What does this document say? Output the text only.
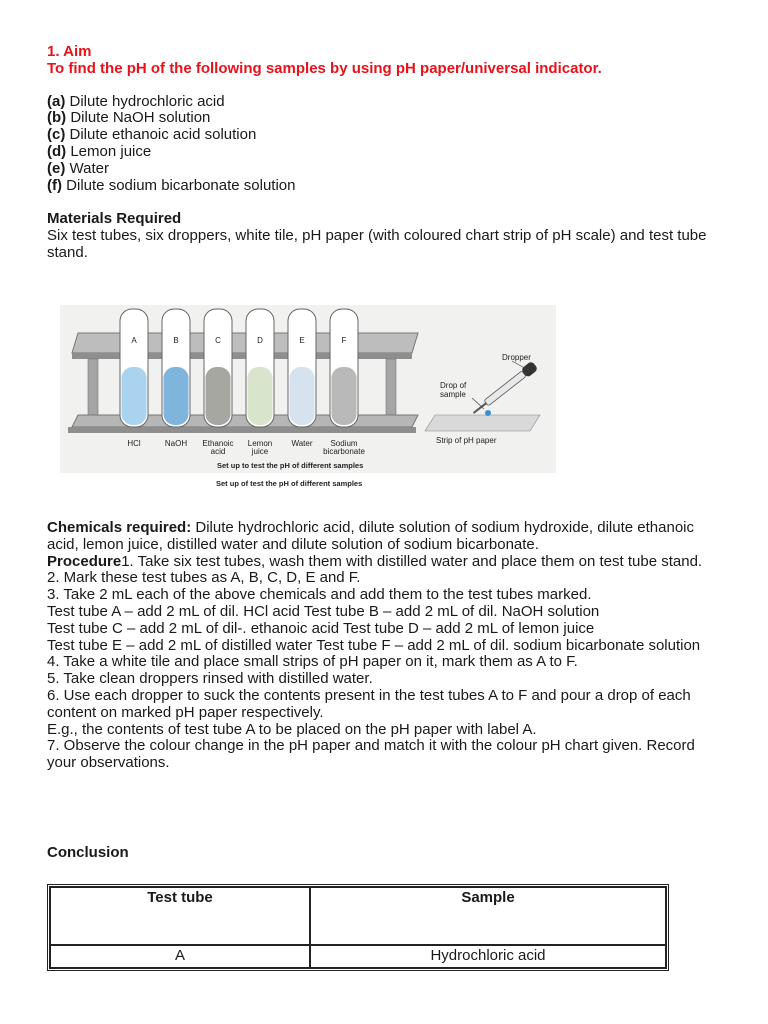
1. Aim
To find the pH of the following samples by using pH paper/universal indicator.
(a) Dilute hydrochloric acid
(b) Dilute NaOH solution
(c) Dilute ethanoic acid solution
(d) Lemon juice
(e) Water
(f) Dilute sodium bicarbonate solution
Materials Required
Six test tubes, six droppers, white tile, pH paper (with coloured chart strip of pH scale) and test tube stand.
A
HCl
B
NaOH
C
Ethanoic
acid
D
Lemon
juice
E
Water
F
Sodium
bicarbonate
Dropper
Drop of
sample
Strip of pH paper
Set up to test the pH of different samples
Set up of test the pH of different samples
Chemicals required: Dilute hydrochloric acid, dilute solution of sodium hydroxide, dilute ethanoic acid, lemon juice, distilled water and dilute solution of sodium bicarbonate.
Procedure1. Take six test tubes, wash them with distilled water and place them on test tube stand.
2. Mark these test tubes as A, B, C, D, E and F.
3. Take 2 mL each of the above chemicals and add them to the test tubes marked.
Test tube A – add 2 mL of dil. HCl acid Test tube B – add 2 mL of dil. NaOH solution
Test tube C – add 2 mL of dil-. ethanoic acid Test tube D – add 2 mL of lemon juice
Test tube E – add 2 mL of distilled water Test tube F – add 2 mL of dil. sodium bicarbonate solution
4. Take a white tile and place small strips of pH paper on it, mark them as A to F.
5. Take clean droppers rinsed with distilled water.
6. Use each dropper to suck the contents present in the test tubes A to F and pour a drop of each content on marked pH paper respectively.
E.g., the contents of test tube A to be placed on the pH paper with label A.
7. Observe the colour change in the pH paper and match it with the colour pH chart given. Record your observations.
Conclusion
Test tube	Sample
A	Hydrochloric acid
